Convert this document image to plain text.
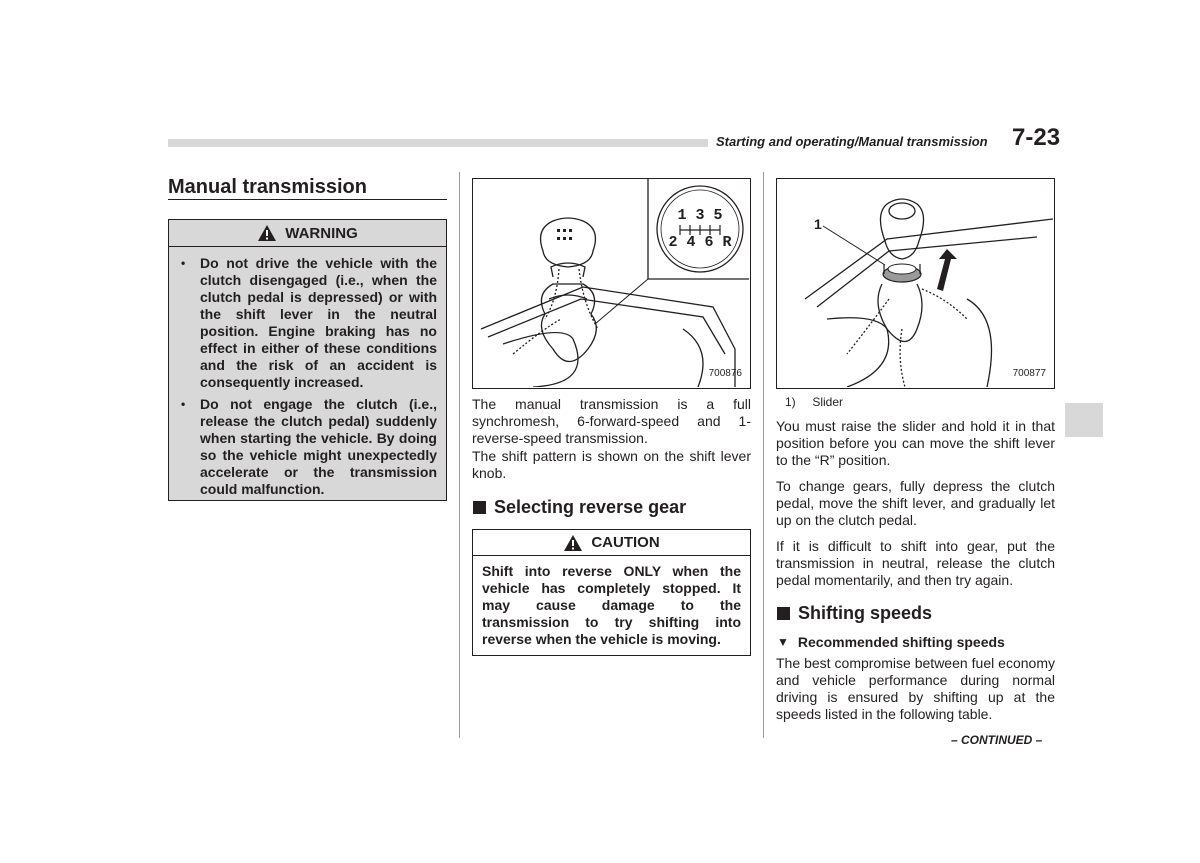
Starting and operating/Manual transmission 7-23
Manual transmission
WARNING
• Do not drive the vehicle with the clutch disengaged (i.e., when the clutch pedal is depressed) or with the shift lever in the neutral position. Engine braking has no effect in either of these conditions and the risk of an accident is consequently increased.
• Do not engage the clutch (i.e., release the clutch pedal) suddenly when starting the vehicle. By doing so the vehicle might unexpectedly accelerate or the transmission could malfunction.
1 3 5
2 4 6 R
700876
The manual transmission is a full synchromesh, 6-forward-speed and 1-reverse-speed transmission.
The shift pattern is shown on the shift lever knob.
Selecting reverse gear
CAUTION
Shift into reverse ONLY when the vehicle has completely stopped. It may cause damage to the transmission to try shifting into reverse when the vehicle is moving.
1
700877
1)     Slider
You must raise the slider and hold it in that position before you can move the shift lever to the “R” position.
To change gears, fully depress the clutch pedal, move the shift lever, and gradually let up on the clutch pedal.
If it is difficult to shift into gear, put the transmission in neutral, release the clutch pedal momentarily, and then try again.
Shifting speeds
▼ Recommended shifting speeds
The best compromise between fuel economy and vehicle performance during normal driving is ensured by shifting up at the speeds listed in the following table.
– CONTINUED –
